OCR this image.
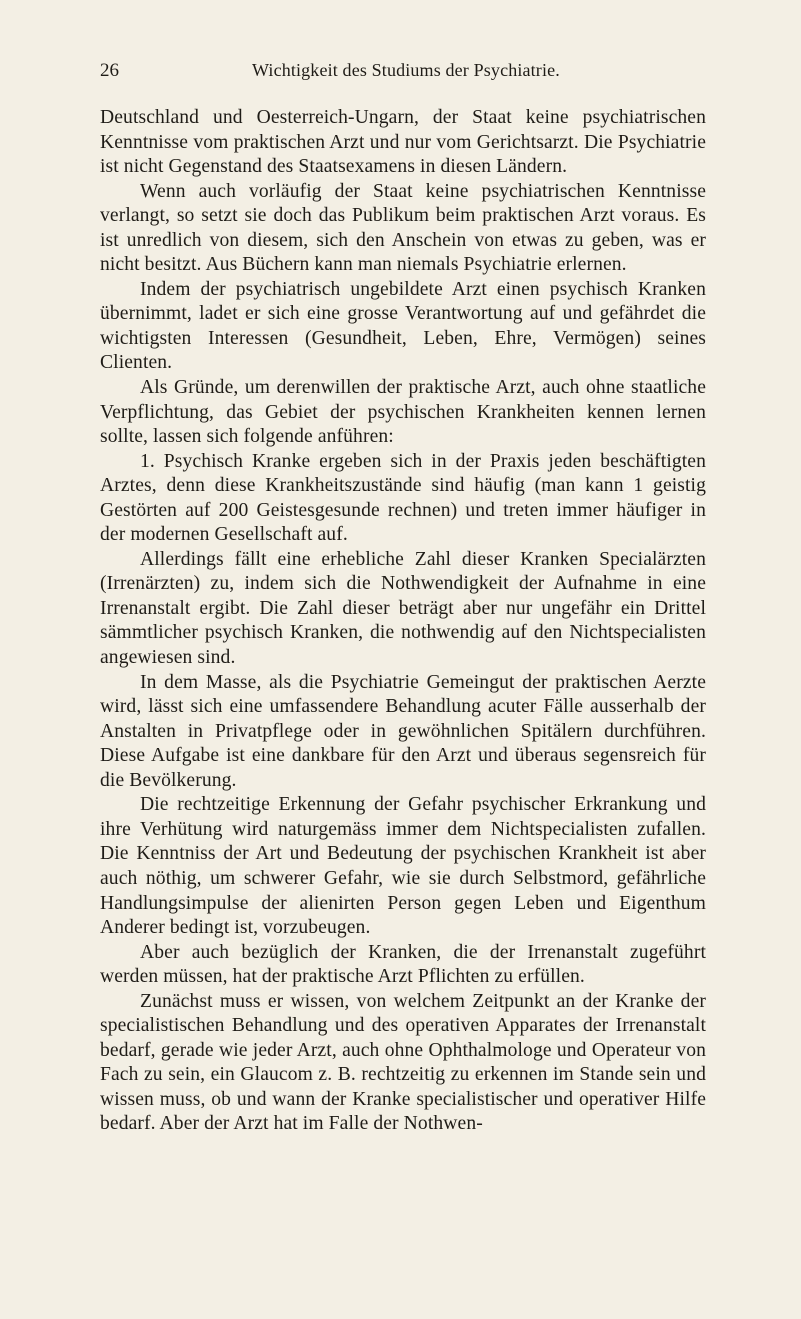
26	Wichtigkeit des Studiums der Psychiatrie.

Deutschland und Oesterreich-Ungarn, der Staat keine psychiatrischen Kenntnisse vom praktischen Arzt und nur vom Gerichtsarzt. Die Psychiatrie ist nicht Gegenstand des Staatsexamens in diesen Ländern.

Wenn auch vorläufig der Staat keine psychiatrischen Kenntnisse verlangt, so setzt sie doch das Publikum beim praktischen Arzt voraus. Es ist unredlich von diesem, sich den Anschein von etwas zu geben, was er nicht besitzt. Aus Büchern kann man niemals Psychiatrie erlernen.

Indem der psychiatrisch ungebildete Arzt einen psychisch Kranken übernimmt, ladet er sich eine grosse Verantwortung auf und gefährdet die wichtigsten Interessen (Gesundheit, Leben, Ehre, Vermögen) seines Clienten.

Als Gründe, um derenwillen der praktische Arzt, auch ohne staatliche Verpflichtung, das Gebiet der psychischen Krankheiten kennen lernen sollte, lassen sich folgende anführen:

1. Psychisch Kranke ergeben sich in der Praxis jeden beschäftigten Arztes, denn diese Krankheitszustände sind häufig (man kann 1 geistig Gestörten auf 200 Geistesgesunde rechnen) und treten immer häufiger in der modernen Gesellschaft auf.

Allerdings fällt eine erhebliche Zahl dieser Kranken Specialärzten (Irrenärzten) zu, indem sich die Nothwendigkeit der Aufnahme in eine Irrenanstalt ergibt. Die Zahl dieser beträgt aber nur ungefähr ein Drittel sämmtlicher psychisch Kranken, die nothwendig auf den Nichtspecialisten angewiesen sind.

In dem Masse, als die Psychiatrie Gemeingut der praktischen Aerzte wird, lässt sich eine umfassendere Behandlung acuter Fälle ausserhalb der Anstalten in Privatpflege oder in gewöhnlichen Spitälern durchführen. Diese Aufgabe ist eine dankbare für den Arzt und überaus segensreich für die Bevölkerung.

Die rechtzeitige Erkennung der Gefahr psychischer Erkrankung und ihre Verhütung wird naturgemäss immer dem Nichtspecialisten zufallen. Die Kenntniss der Art und Bedeutung der psychischen Krankheit ist aber auch nöthig, um schwerer Gefahr, wie sie durch Selbstmord, gefährliche Handlungsimpulse der alienirten Person gegen Leben und Eigenthum Anderer bedingt ist, vorzubeugen.

Aber auch bezüglich der Kranken, die der Irrenanstalt zugeführt werden müssen, hat der praktische Arzt Pflichten zu erfüllen.

Zunächst muss er wissen, von welchem Zeitpunkt an der Kranke der specialistischen Behandlung und des operativen Apparates der Irrenanstalt bedarf, gerade wie jeder Arzt, auch ohne Ophthalmologe und Operateur von Fach zu sein, ein Glaucom z. B. rechtzeitig zu erkennen im Stande sein und wissen muss, ob und wann der Kranke specialistischer und operativer Hilfe bedarf. Aber der Arzt hat im Falle der Nothwen-
